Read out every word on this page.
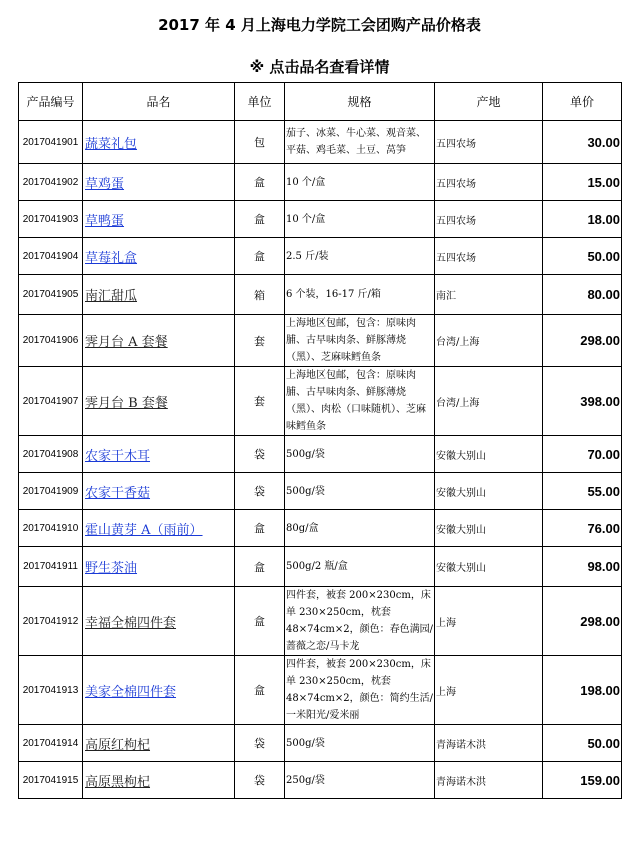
2017 年 4 月上海电力学院工会团购产品价格表
※ 点击品名查看详情
产品编号	品名	单位	规格	产地	单价
2017041901	蔬菜礼包	包	茄子、冰菜、牛心菜、观音菜、平菇、鸡毛菜、土豆、莴笋	五四农场	30.00
2017041902	草鸡蛋	盒	10 个/盒	五四农场	15.00
2017041903	草鸭蛋	盒	10 个/盒	五四农场	18.00
2017041904	草莓礼盒	盒	2.5 斤/装	五四农场	50.00
2017041905	南汇甜瓜	箱	6 个装，16-17 斤/箱	南汇	80.00
2017041906	霁月台 A 套餐	套	上海地区包邮，包含：原味肉脯、古早味肉条、鲜豚薄烧（黑）、芝麻味鳕鱼条	台湾/上海	298.00
2017041907	霁月台 B 套餐	套	上海地区包邮，包含：原味肉脯、古早味肉条、鲜豚薄烧（黑）、肉松（口味随机）、芝麻味鳕鱼条	台湾/上海	398.00
2017041908	农家干木耳	袋	500g/袋	安徽大别山	70.00
2017041909	农家干香菇	袋	500g/袋	安徽大别山	55.00
2017041910	霍山黄芽 A（雨前）	盒	80g/盒	安徽大别山	76.00
2017041911	野生茶油	盒	500g/2 瓶/盒	安徽大别山	98.00
2017041912	幸福全棉四件套	盒	四件套，被套 200×230cm，床单 230×250cm，枕套 48×74cm×2，颜色：春色满园/蔷薇之恋/马卡龙	上海	298.00
2017041913	美家全棉四件套	盒	四件套，被套 200×230cm，床单 230×250cm，枕套 48×74cm×2，颜色：简约生活/一米阳光/爱米丽	上海	198.00
2017041914	高原红枸杞	袋	500g/袋	青海诺木洪	50.00
2017041915	高原黑枸杞	袋	250g/袋	青海诺木洪	159.00
